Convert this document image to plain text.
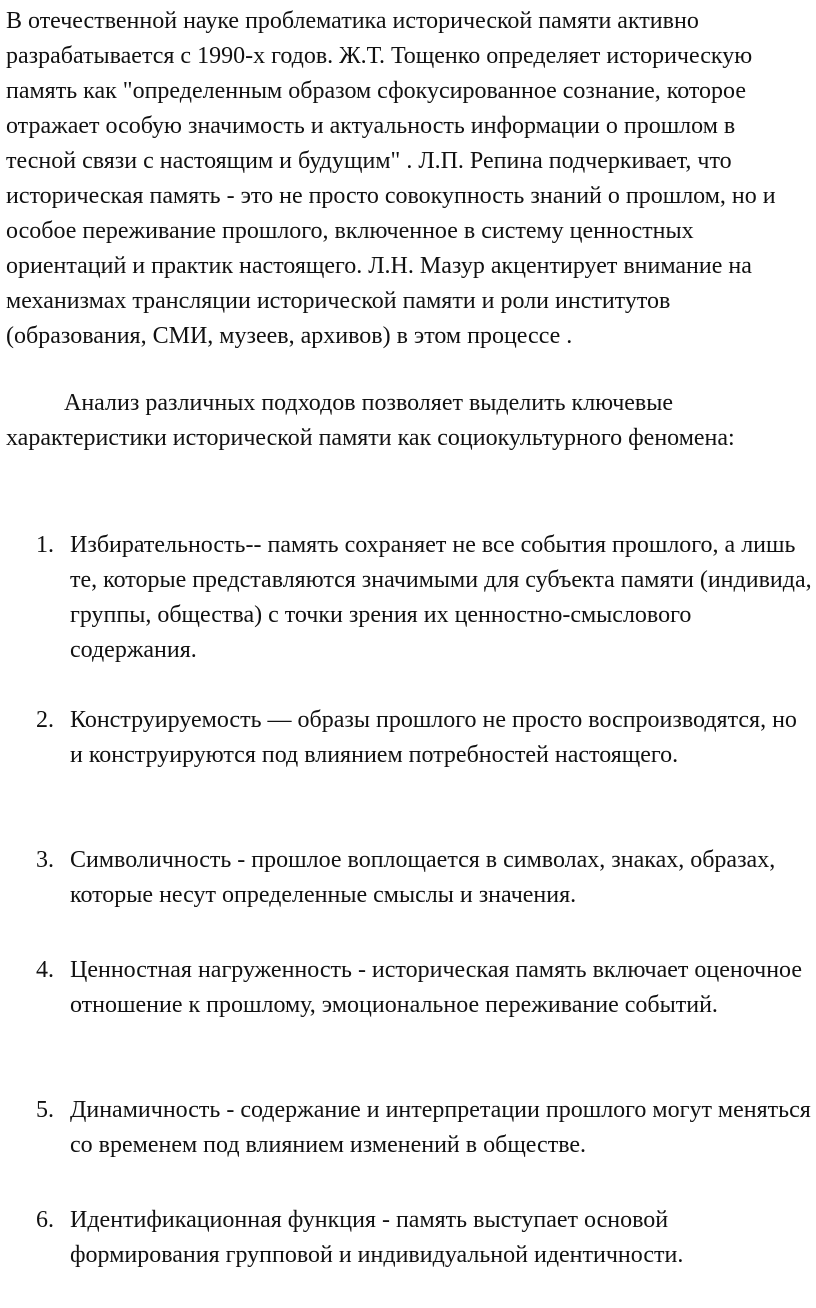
В отечественной науке проблематика исторической памяти активно разрабатывается с 1990-х годов. Ж.Т. Тощенко определяет историческую память как "определенным образом сфокусированное сознание, которое отражает особую значимость и актуальность информации о прошлом в тесной связи с настоящим и будущим" . Л.П. Репина подчеркивает, что историческая память - это не просто совокупность знаний о прошлом, но и особое переживание прошлого, включенное в систему ценностных ориентаций и практик настоящего. Л.Н. Мазур акцентирует внимание на механизмах трансляции исторической памяти и роли институтов (образования, СМИ, музеев, архивов) в этом процессе .

Анализ различных подходов позволяет выделить ключевые характеристики исторической памяти как социокультурного феномена:

1. Избирательность-- память сохраняет не все события прошлого, а лишь те, которые представляются значимыми для субъекта памяти (индивида, группы, общества) с точки зрения их ценностно-смыслового содержания.
2. Конструируемость — образы прошлого не просто воспроизводятся, но и конструируются под влиянием потребностей настоящего.
3. Символичность - прошлое воплощается в символах, знаках, образах, которые несут определенные смыслы и значения.
4. Ценностная нагруженность - историческая память включает оценочное отношение к прошлому, эмоциональное переживание событий.
5. Динамичность - содержание и интерпретации прошлого могут меняться со временем под влиянием изменений в обществе.
6. Идентификационная функция - память выступает основой формирования групповой и индивидуальной идентичности.
